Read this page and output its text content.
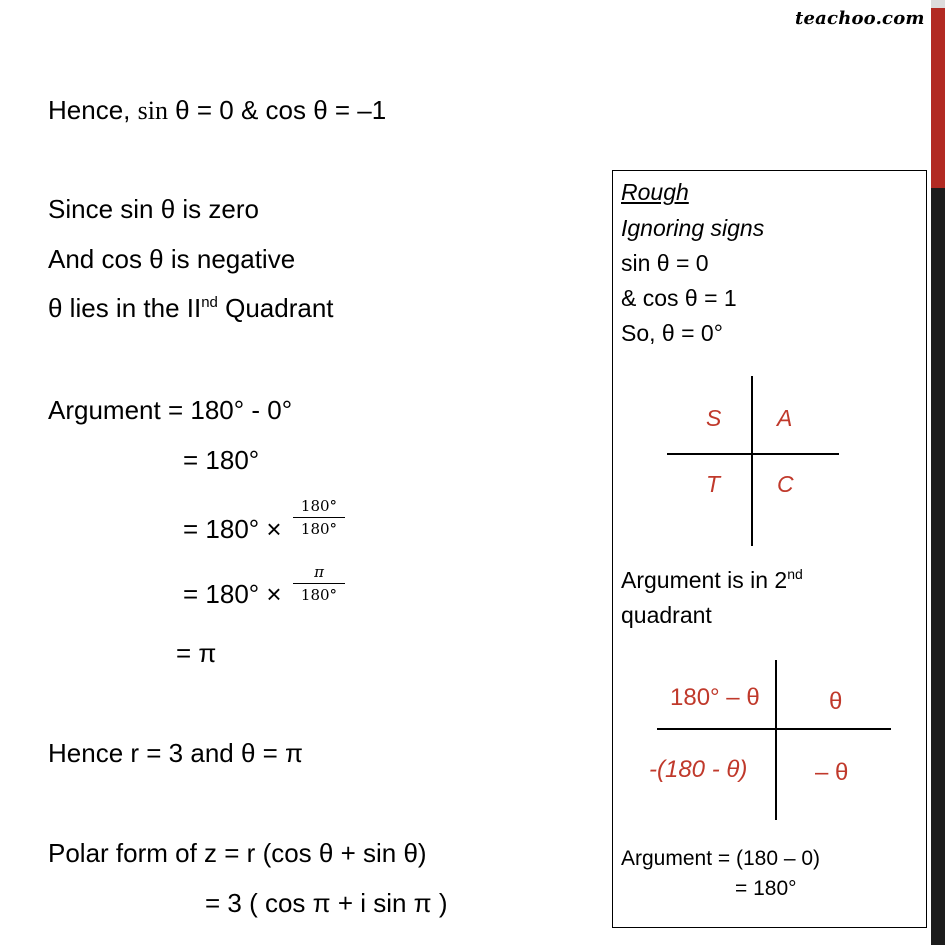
teachoo.com
Hence, sin θ = 0 & cos θ = –1
Since sin θ is zero
And cos θ is negative
θ lies in the IInd Quadrant
Argument = 180° - 0°
= 180°
= 180° ×
180°
180°
= 180° ×
π
180°
= π
Hence r = 3 and θ = π
Polar form of z = r (cos θ + sin θ)
= 3 ( cos π + i sin π )
Rough
Ignoring signs
sin θ = 0
& cos θ = 1
So, θ = 0°
S A
T C
Argument is in 2nd
quadrant
180° – θ	θ
-(180 - θ)	– θ
Argument = (180 – 0)
= 180°
